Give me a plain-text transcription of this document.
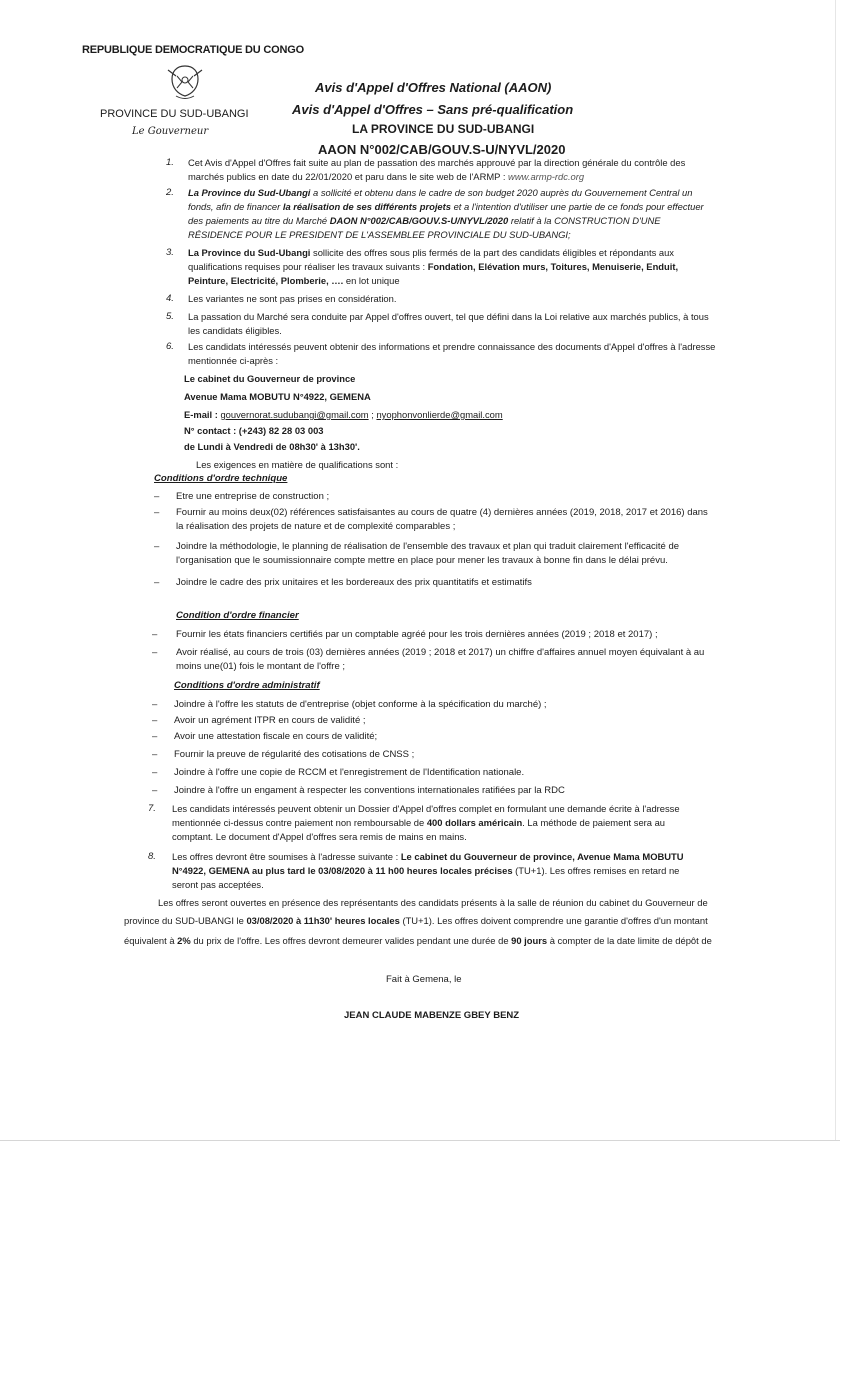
REPUBLIQUE DEMOCRATIQUE DU CONGO
PROVINCE DU SUD-UBANGI
Le Gouverneur
Avis d'Appel d'Offres National (AAON)
Avis d'Appel d'Offres – Sans pré-qualification
LA PROVINCE DU SUD-UBANGI
AAON N°002/CAB/GOUV.S-U/NYVL/2020
1.	Cet Avis d'Appel d'Offres fait suite au plan de passation des marchés approuvé par la direction générale du contrôle des marchés publics en date du 22/01/2020 et paru dans le site web de l'ARMP : www.armp-rdc.org
2.	La Province du Sud-Ubangi a sollicité et obtenu dans le cadre de son budget 2020 auprès du Gouvernement Central un fonds, afin de financer la réalisation de ses différents projets et a l'intention d'utiliser une partie de ce fonds pour effectuer des paiements au titre du Marché DAON N°002/CAB/GOUV.S-U/NYVL/2020 relatif à la CONSTRUCTION D'UNE RÉSIDENCE POUR LE PRESIDENT DE L'ASSEMBLEE PROVINCIALE DU SUD-UBANGI;
3.	La Province du Sud-Ubangi sollicite des offres sous plis fermés de la part des candidats éligibles et répondants aux qualifications requises pour réaliser les travaux suivants : Fondation, Elévation murs, Toitures, Menuiserie, Enduit, Peinture, Electricité, Plomberie, …. en lot unique
4.	Les variantes ne sont pas prises en considération.
5.	La passation du Marché sera conduite par Appel d'offres ouvert, tel que défini dans la Loi relative aux marchés publics, à tous les candidats éligibles.
6.	Les candidats intéressés peuvent obtenir des informations et prendre connaissance des documents d'Appel d'offres à l'adresse mentionnée ci-après :
Le cabinet du Gouverneur de province
Avenue Mama MOBUTU N°4922, GEMENA
E-mail : gouvernorat.sudubangi@gmail.com ; nyophonvonlierde@gmail.com
N° contact : (+243) 82 28 03 003
de Lundi à Vendredi de 08h30' à 13h30'.
Les exigences en matière de qualifications sont :
Conditions d'ordre technique
– Etre une entreprise de construction ;
– Fournir au moins deux(02) références satisfaisantes au cours de quatre (4) dernières années (2019, 2018, 2017 et 2016) dans la réalisation des projets de nature et de complexité comparables ;
– Joindre la méthodologie, le planning de réalisation de l'ensemble des travaux et plan qui traduit clairement l'efficacité de l'organisation que le soumissionnaire compte mettre en place pour mener les travaux à bonne fin dans le délai prévu.
– Joindre le cadre des prix unitaires et les bordereaux des prix quantitatifs et estimatifs
Condition d'ordre financier
– Fournir les états financiers certifiés par un comptable agréé pour les trois dernières années (2019 ; 2018 et 2017) ;
– Avoir réalisé, au cours de trois (03) dernières années (2019 ; 2018 et 2017) un chiffre d'affaires annuel moyen équivalant à au moins une(01) fois le montant de l'offre ;
Conditions d'ordre administratif
– Joindre à l'offre les statuts de d'entreprise (objet conforme à la spécification du marché) ;
– Avoir un agrément ITPR en cours de validité ;
– Avoir une attestation fiscale en cours de validité;
– Fournir la preuve de régularité des cotisations de CNSS ;
– Joindre à l'offre une copie de RCCM et l'enregistrement de l'Identification nationale.
– Joindre à l'offre un engament à respecter les conventions internationales ratifiées par la RDC
7.	Les candidats intéressés peuvent obtenir un Dossier d'Appel d'offres complet en formulant une demande écrite à l'adresse mentionnée ci-dessus contre paiement non remboursable de 400 dollars américain. La méthode de paiement sera au comptant. Le document d'Appel d'offres sera remis de mains en mains.
8.	Les offres devront être soumises à l'adresse suivante : Le cabinet du Gouverneur de province, Avenue Mama MOBUTU N°4922, GEMENA au plus tard le 03/08/2020 à 11 h00 heures locales précises (TU+1). Les offres remises en retard ne seront pas acceptées.
Les offres seront ouvertes en présence des représentants des candidats présents à la salle de réunion du cabinet du Gouverneur de
province du SUD-UBANGI le 03/08/2020 à 11h30' heures locales (TU+1). Les offres doivent comprendre une garantie d'offres d'un montant
équivalent à 2% du prix de l'offre. Les offres devront demeurer valides pendant une durée de 90 jours à compter de la date limite de dépôt de
Fait à Gemena, le
JEAN CLAUDE MABENZE GBEY BENZ
